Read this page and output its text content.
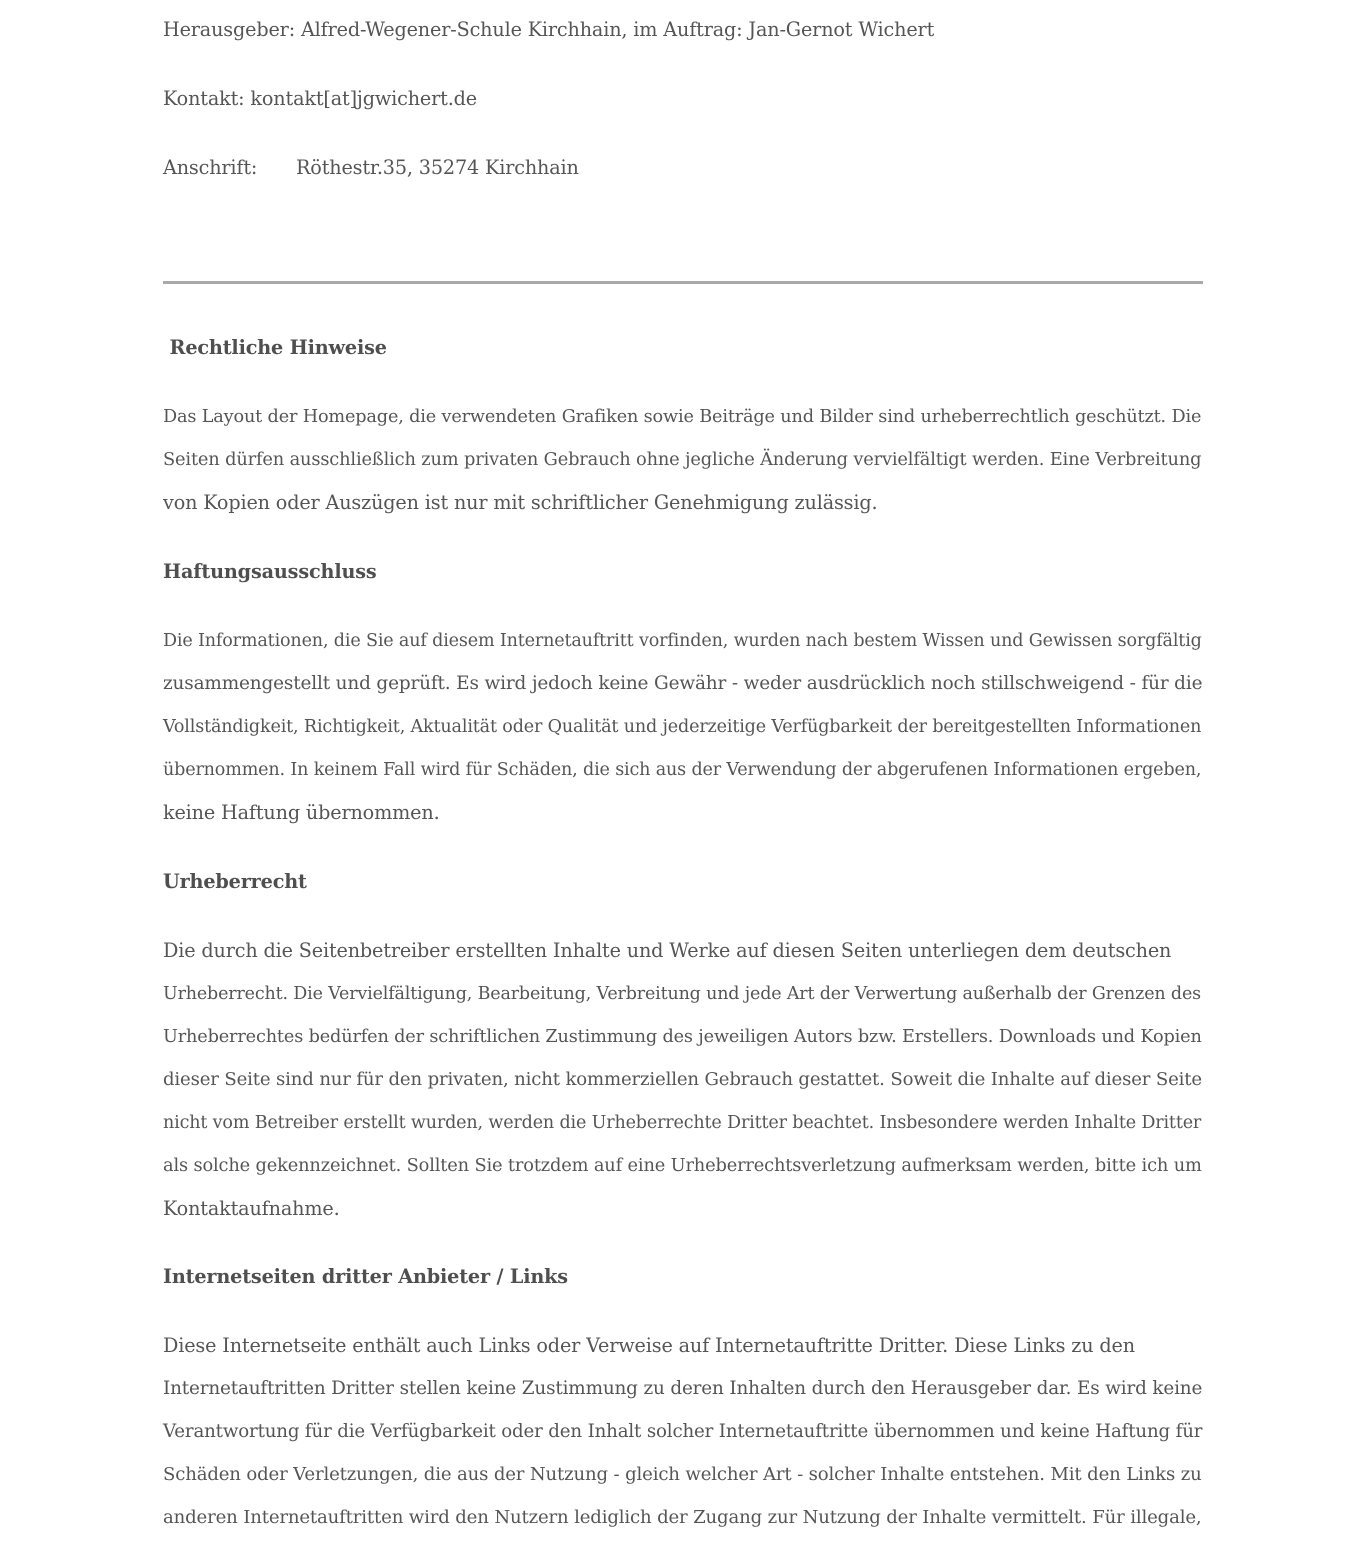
Herausgeber: Alfred-Wegener-Schule Kirchhain, im Auftrag: Jan-Gernot Wichert
Kontakt: kontakt[at]jgwichert.de
Anschrift: Röthestr.35, 35274 Kirchhain
Rechtliche Hinweise
Das Layout der Homepage, die verwendeten Grafiken sowie Beiträge und Bilder sind urheberrechtlich geschützt. Die
Seiten dürfen ausschließlich zum privaten Gebrauch ohne jegliche Änderung vervielfältigt werden. Eine Verbreitung
von Kopien oder Auszügen ist nur mit schriftlicher Genehmigung zulässig.
Haftungsausschluss
Die Informationen, die Sie auf diesem Internetauftritt vorfinden, wurden nach bestem Wissen und Gewissen sorgfältig
zusammengestellt und geprüft. Es wird jedoch keine Gewähr - weder ausdrücklich noch stillschweigend - für die
Vollständigkeit, Richtigkeit, Aktualität oder Qualität und jederzeitige Verfügbarkeit der bereitgestellten Informationen
übernommen. In keinem Fall wird für Schäden, die sich aus der Verwendung der abgerufenen Informationen ergeben,
keine Haftung übernommen.
Urheberrecht
Die durch die Seitenbetreiber erstellten Inhalte und Werke auf diesen Seiten unterliegen dem deutschen
Urheberrecht. Die Vervielfältigung, Bearbeitung, Verbreitung und jede Art der Verwertung außerhalb der Grenzen des
Urheberrechtes bedürfen der schriftlichen Zustimmung des jeweiligen Autors bzw. Erstellers. Downloads und Kopien
dieser Seite sind nur für den privaten, nicht kommerziellen Gebrauch gestattet. Soweit die Inhalte auf dieser Seite
nicht vom Betreiber erstellt wurden, werden die Urheberrechte Dritter beachtet. Insbesondere werden Inhalte Dritter
als solche gekennzeichnet. Sollten Sie trotzdem auf eine Urheberrechtsverletzung aufmerksam werden, bitte ich um
Kontaktaufnahme.
Internetseiten dritter Anbieter / Links
Diese Internetseite enthält auch Links oder Verweise auf Internetauftritte Dritter. Diese Links zu den
Internetauftritten Dritter stellen keine Zustimmung zu deren Inhalten durch den Herausgeber dar. Es wird keine
Verantwortung für die Verfügbarkeit oder den Inhalt solcher Internetauftritte übernommen und keine Haftung für
Schäden oder Verletzungen, die aus der Nutzung - gleich welcher Art - solcher Inhalte entstehen. Mit den Links zu
anderen Internetauftritten wird den Nutzern lediglich der Zugang zur Nutzung der Inhalte vermittelt. Für illegale,
